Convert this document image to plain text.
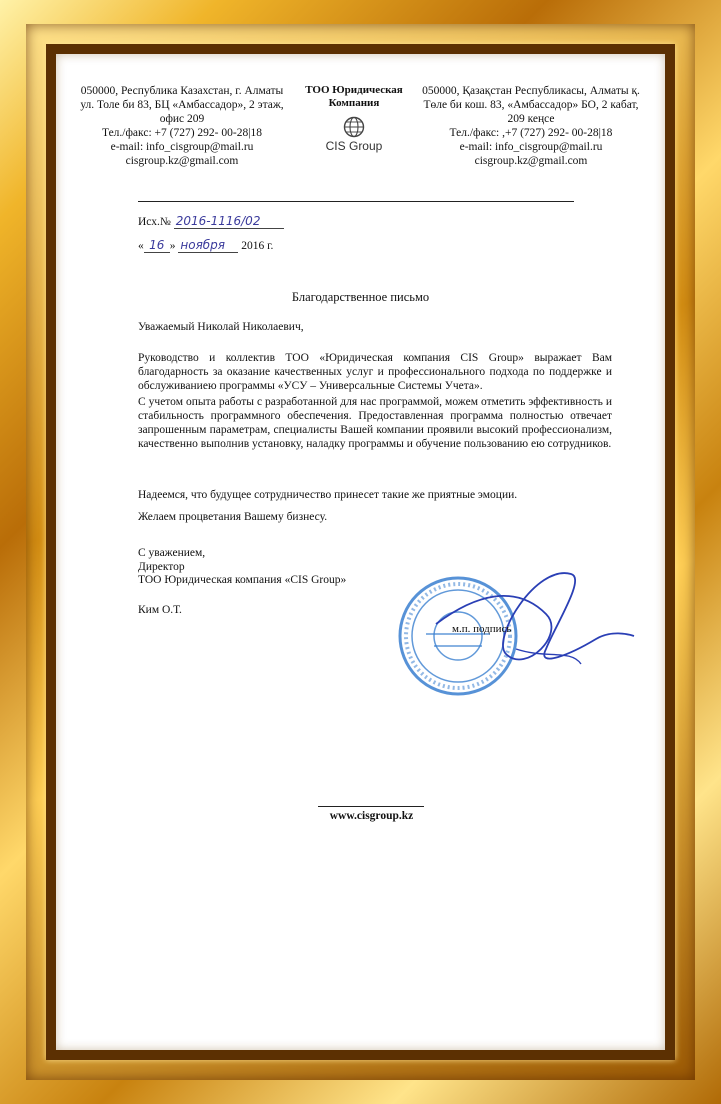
050000, Республика Казахстан, г. Алматы
ул. Толе би 83, БЦ «Амбассадор», 2 этаж,
офис 209
Тел./факс: +7 (727) 292- 00-28|18
e-mail: info_cisgroup@mail.ru
cisgroup.kz@gmail.com
ТОО Юридическая
Компания
CIS Group
050000, Қазақстан Республикасы, Алматы қ.
Төле би кош. 83, «Амбассадор» БО, 2 кабат,
209 кеңсе
Тел./факс: ,+7 (727) 292- 00-28|18
e-mail: info_cisgroup@mail.ru
cisgroup.kz@gmail.com
Исх.№ 2016-1116/02
« 16 » ноября 2016 г.
Благодарственное письмо
Уважаемый Николай Николаевич,
Руководство и коллектив ТОО «Юридическая компания CIS Group» выражает Вам благодарность за оказание качественных услуг и профессионального подхода по поддержке и обслуживаниею программы «УСУ – Универсальные Системы Учета».
С учетом опыта работы с разработанной для нас программой, можем отметить эффективность и стабильность программного обеспечения. Предоставленная программа полностью отвечает запрошенным параметрам, специалисты Вашей компании проявили высокий профессионализм, качественно выполнив установку, наладку программы и обучение пользованию ею сотрудников.
Надеемся, что будущее сотрудничество принесет такие же приятные эмоции.
Желаем процветания Вашему бизнесу.
С уважением,
Директор
ТОО Юридическая компания «CIS Group»
Ким О.Т.
м.п. подпись
www.cisgroup.kz
